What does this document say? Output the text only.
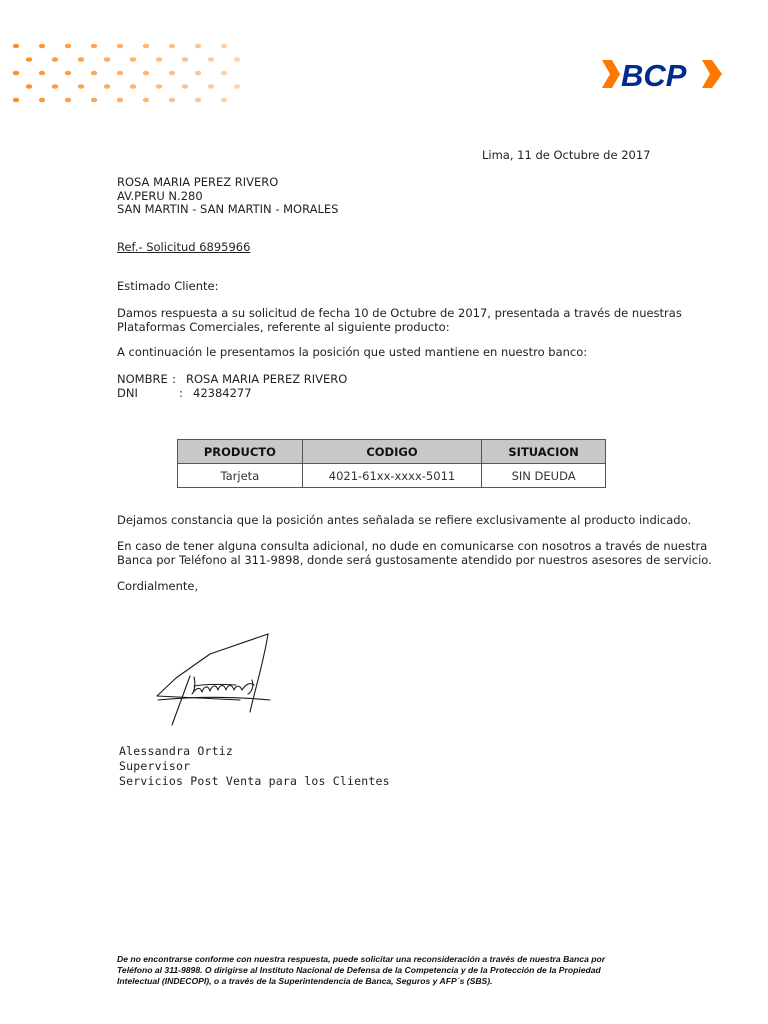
BCP
Lima, 11 de Octubre de 2017
ROSA MARIA PEREZ RIVERO
AV.PERU N.280
SAN MARTIN - SAN MARTIN - MORALES
Ref.- Solicitud 6895966
Estimado Cliente:
Damos respuesta a su solicitud de fecha 10 de Octubre de 2017, presentada a través de nuestras
Plataformas Comerciales, referente al siguiente producto:
A continuación le presentamos la posición que usted mantiene en nuestro banco:
NOMBRE : ROSA MARIA PEREZ RIVERO
DNI	: 42384277
PRODUCTO	CODIGO	SITUACION
Tarjeta	4021-61xx-xxxx-5011	SIN DEUDA
Dejamos constancia que la posición antes señalada se refiere exclusivamente al producto indicado.
En caso de tener alguna consulta adicional, no dude en comunicarse con nosotros a través de nuestra
Banca por Teléfono al 311-9898, donde será gustosamente atendido por nuestros asesores de servicio.
Cordialmente,
Alessandra Ortiz
Supervisor
Servicios Post Venta para los Clientes
De no encontrarse conforme con nuestra respuesta, puede solicitar una reconsideración a través de nuestra Banca por
Teléfono al 311-9898. O dirigirse al Instituto Nacional de Defensa de la Competencia y de la Protección de la Propiedad
Intelectual (INDECOPI), o a través de la Superintendencia de Banca, Seguros y AFP´s (SBS).
